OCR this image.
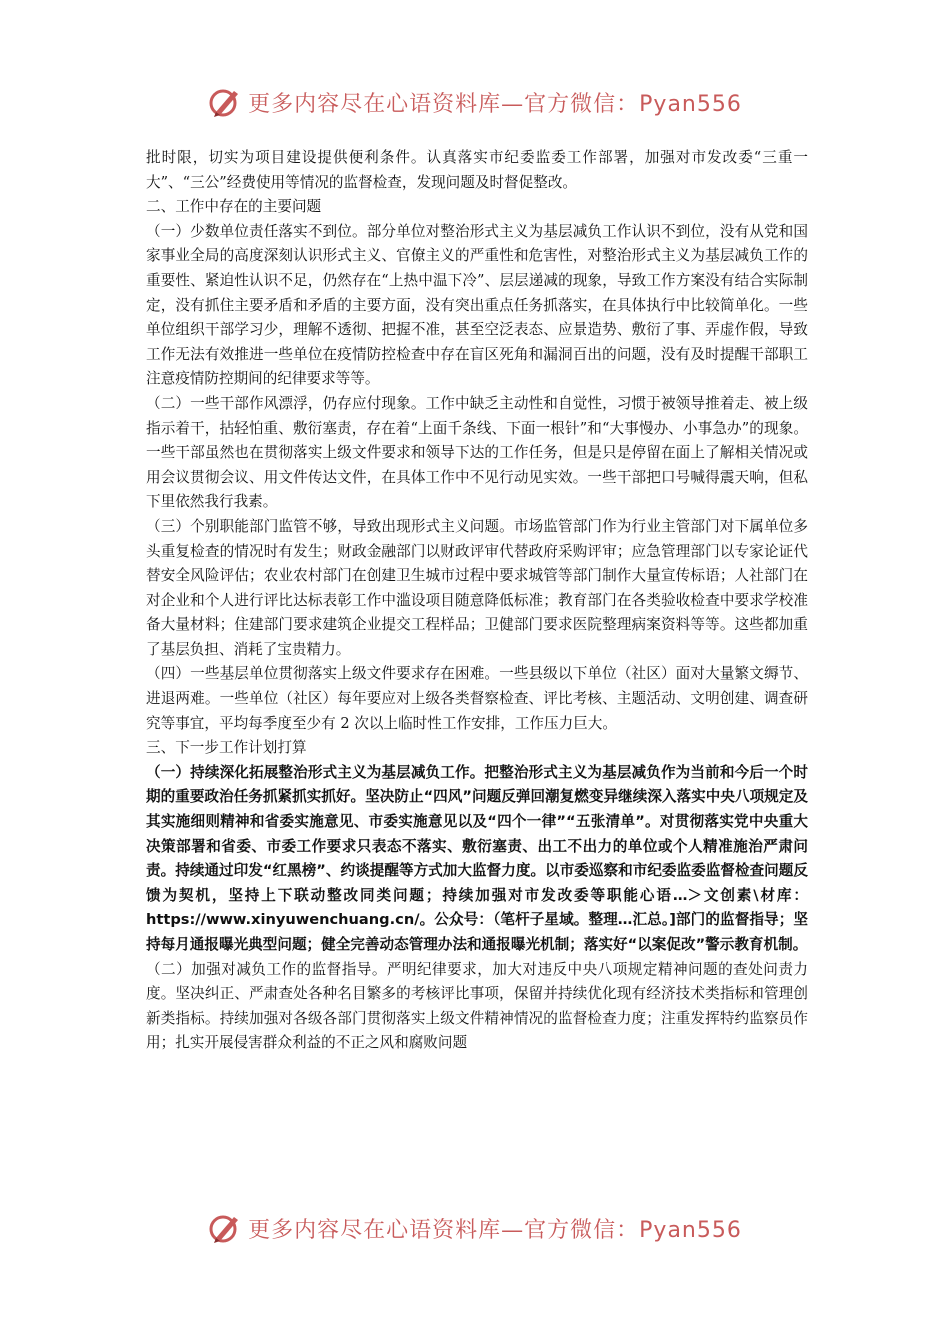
更多内容尽在心语资料库—官方微信：Pyan556

批时限，切实为项目建设提供便利条件。认真落实市纪委监委工作部署，加强对市发改委“三重一大”、“三公”经费使用等情况的监督检查，发现问题及时督促整改。

二、工作中存在的主要问题

（一）少数单位责任落实不到位。部分单位对整治形式主义为基层减负工作认识不到位，没有从党和国家事业全局的高度深刻认识形式主义、官僚主义的严重性和危害性，对整治形式主义为基层减负工作的重要性、紧迫性认识不足，仍然存在“上热中温下冷”、层层递减的现象，导致工作方案没有结合实际制定，没有抓住主要矛盾和矛盾的主要方面，没有突出重点任务抓落实，在具体执行中比较简单化。一些单位组织干部学习少，理解不透彻、把握不准，甚至空泛表态、应景造势、敷衍了事、弄虚作假，导致工作无法有效推进一些单位在疫情防控检查中存在盲区死角和漏洞百出的问题，没有及时提醒干部职工注意疫情防控期间的纪律要求等等。

（二）一些干部作风漂浮，仍存应付现象。工作中缺乏主动性和自觉性，习惯于被领导推着走、被上级指示着干，拈轻怕重、敷衍塞责，存在着“上面千条线、下面一根针”和“大事慢办、小事急办”的现象。一些干部虽然也在贯彻落实上级文件要求和领导下达的工作任务，但是只是停留在面上了解相关情况或用会议贯彻会议、用文件传达文件，在具体工作中不见行动见实效。一些干部把口号喊得震天响，但私下里依然我行我素。

（三）个别职能部门监管不够，导致出现形式主义问题。市场监管部门作为行业主管部门对下属单位多头重复检查的情况时有发生；财政金融部门以财政评审代替政府采购评审；应急管理部门以专家论证代替安全风险评估；农业农村部门在创建卫生城市过程中要求城管等部门制作大量宣传标语；人社部门在对企业和个人进行评比达标表彰工作中滥设项目随意降低标准；教育部门在各类验收检查中要求学校准备大量材料；住建部门要求建筑企业提交工程样品；卫健部门要求医院整理病案资料等等。这些都加重了基层负担、消耗了宝贵精力。

（四）一些基层单位贯彻落实上级文件要求存在困难。一些县级以下单位（社区）面对大量繁文缛节、进退两难。一些单位（社区）每年要应对上级各类督察检查、评比考核、主题活动、文明创建、调查研究等事宜，平均每季度至少有 2 次以上临时性工作安排，工作压力巨大。

三、下一步工作计划打算

（一）持续深化拓展整治形式主义为基层减负工作。把整治形式主义为基层减负作为当前和今后一个时期的重要政治任务抓紧抓实抓好。坚决防止“四风”问题反弹回潮复燃变异继续深入落实中央八项规定及其实施细则精神和省委实施意见、市委实施意见以及“四个一律”“五张清单”。对贯彻落实党中央重大决策部署和省委、市委工作要求只表态不落实、敷衍塞责、出工不出力的单位或个人精准施治严肃问责。持续通过印发“红黑榜”、约谈提醒等方式加大监督力度。以市委巡察和市纪委监委监督检查问题反馈为契机，坚持上下联动整改同类问题；持续加强对市发改委等职能心语…＞文创素\材库：https://www.xinyuwenchuang.cn/。公众号：（笔杆子星域。整理…汇总。]部门的监督指导；坚持每月通报曝光典型问题；健全完善动态管理办法和通报曝光机制；落实好“以案促改”警示教育机制。

（二）加强对减负工作的监督指导。严明纪律要求，加大对违反中央八项规定精神问题的查处问责力度。坚决纠正、严肃查处各种名目繁多的考核评比事项，保留并持续优化现有经济技术类指标和管理创新类指标。持续加强对各级各部门贯彻落实上级文件精神情况的监督检查力度；注重发挥特约监察员作用；扎实开展侵害群众利益的不正之风和腐败问题

更多内容尽在心语资料库—官方微信：Pyan556
